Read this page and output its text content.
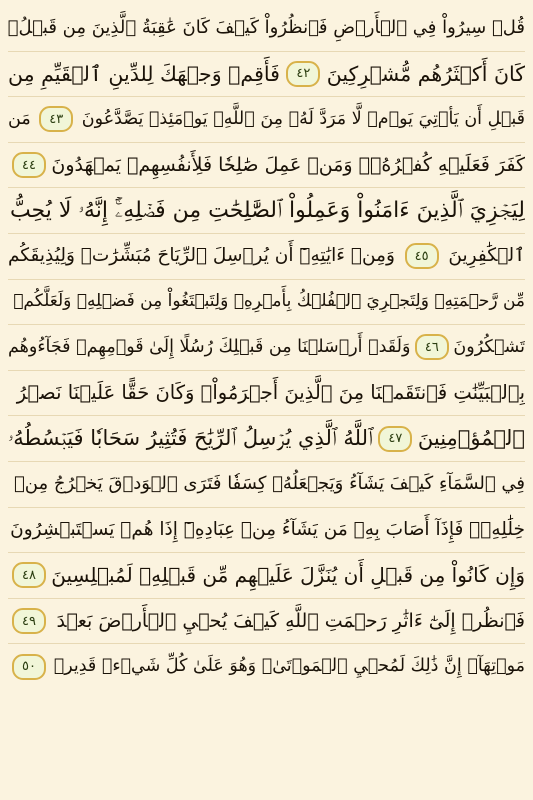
قُلۡ سِيرُواْ فِي ٱلۡأَرۡضِ فَٱنظُرُواْ كَيۡفَ كَانَ عَٰقِبَةُ ٱلَّذِينَ مِن قَبۡلُۚ
كَانَ أَكۡثَرُهُم مُّشۡرِكِينَ
٤٢
فَأَقِمۡ وَجۡهَكَ لِلدِّينِ ٱلۡقَيِّمِ مِن
قَبۡلِ أَن يَأۡتِيَ يَوۡمٞ لَّا مَرَدَّ لَهُۥ مِنَ ٱللَّهِۖ يَوۡمَئِذٖ يَصَّدَّعُونَ
٤٣
مَن
كَفَرَ فَعَلَيۡهِ كُفۡرُهُۥۖ وَمَنۡ عَمِلَ صَٰلِحٗا فَلِأَنفُسِهِمۡ يَمۡهَدُونَ
٤٤
لِيَجۡزِيَ ٱلَّذِينَ ءَامَنُواْ وَعَمِلُواْ ٱلصَّٰلِحَٰتِ مِن فَضۡلِهِۦٓۚ إِنَّهُۥ لَا يُحِبُّ
ٱلۡكَٰفِرِينَ
٤٥
وَمِنۡ ءَايَٰتِهِۦٓ أَن يُرۡسِلَ ٱلرِّيَاحَ مُبَشِّرَٰتٖ وَلِيُذِيقَكُم
مِّن رَّحۡمَتِهِۦ وَلِتَجۡرِيَ ٱلۡفُلۡكُ بِأَمۡرِهِۦ وَلِتَبۡتَغُواْ مِن فَضۡلِهِۦ وَلَعَلَّكُمۡ
تَشۡكُرُونَ
٤٦
وَلَقَدۡ أَرۡسَلۡنَا مِن قَبۡلِكَ رُسُلًا إِلَىٰ قَوۡمِهِمۡ فَجَآءُوهُم
بِٱلۡبَيِّنَٰتِ فَٱنتَقَمۡنَا مِنَ ٱلَّذِينَ أَجۡرَمُواْۖ وَكَانَ حَقًّا عَلَيۡنَا نَصۡرُ
ٱلۡمُؤۡمِنِينَ
٤٧
ٱللَّهُ ٱلَّذِي يُرۡسِلُ ٱلرِّيَٰحَ فَتُثِيرُ سَحَابٗا فَيَبۡسُطُهُۥ
فِي ٱلسَّمَآءِ كَيۡفَ يَشَآءُ وَيَجۡعَلُهُۥ كِسَفٗا فَتَرَى ٱلۡوَدۡقَ يَخۡرُجُ مِنۡ
خِلَٰلِهِۦۖ فَإِذَآ أَصَابَ بِهِۦ مَن يَشَآءُ مِنۡ عِبَادِهِۦٓ إِذَا هُمۡ يَسۡتَبۡشِرُونَ
وَإِن كَانُواْ مِن قَبۡلِ أَن يُنَزَّلَ عَلَيۡهِم مِّن قَبۡلِهِۦ لَمُبۡلِسِينَ
٤٨
فَٱنظُرۡ إِلَىٰٓ ءَاثَٰرِ رَحۡمَتِ ٱللَّهِ كَيۡفَ يُحۡيِ ٱلۡأَرۡضَ بَعۡدَ
٤٩
مَوۡتِهَآۚ إِنَّ ذَٰلِكَ لَمُحۡيِ ٱلۡمَوۡتَىٰۖ وَهُوَ عَلَىٰ كُلِّ شَيۡءٖ قَدِيرٞ
٥٠
